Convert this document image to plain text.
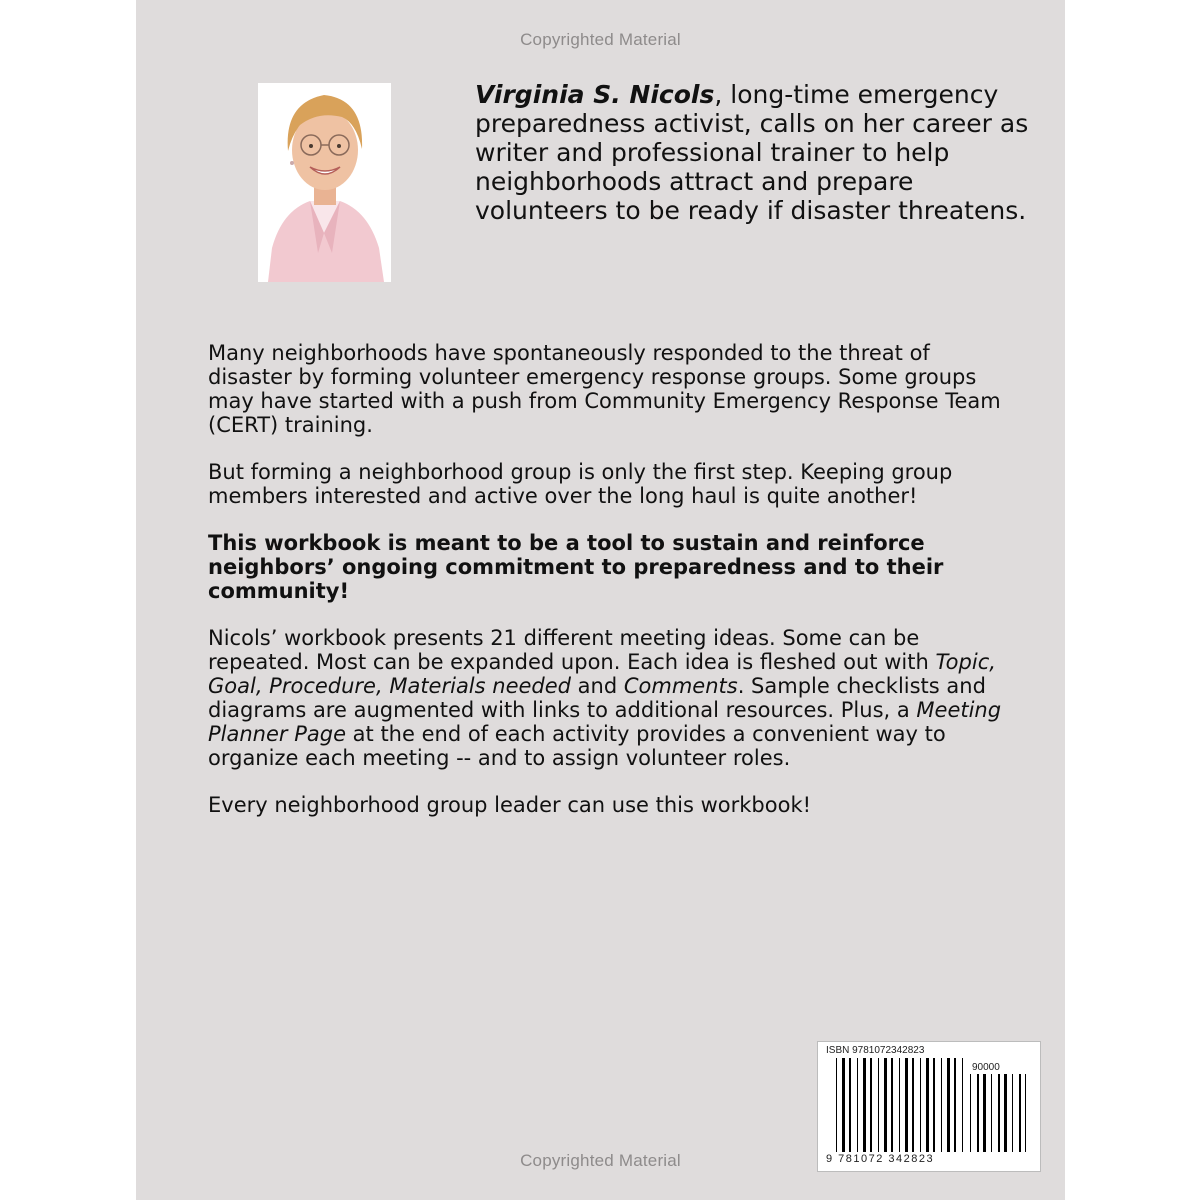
Copyrighted Material
Virginia S. Nicols, long-time emergency preparedness activist, calls on her career as writer and professional trainer to help neighborhoods attract and prepare volunteers to be ready if disaster threatens.

Many neighborhoods have spontaneously responded to the threat of disaster by forming volunteer emergency response groups. Some groups may have started with a push from Community Emergency Response Team (CERT) training.

But forming a neighborhood group is only the first step. Keeping group members interested and active over the long haul is quite another!

This workbook is meant to be a tool to sustain and reinforce neighbors’ ongoing commitment to preparedness and to their community!

Nicols’ workbook presents 21 different meeting ideas. Some can be repeated. Most can be expanded upon. Each idea is fleshed out with Topic, Goal, Procedure, Materials needed and Comments. Sample checklists and diagrams are augmented with links to additional resources. Plus, a Meeting Planner Page at the end of each activity provides a convenient way to organize each meeting -- and to assign volunteer roles.

Every neighborhood group leader can use this workbook!

ISBN 9781072342823
90000
9 781072 342823
Copyrighted Material
